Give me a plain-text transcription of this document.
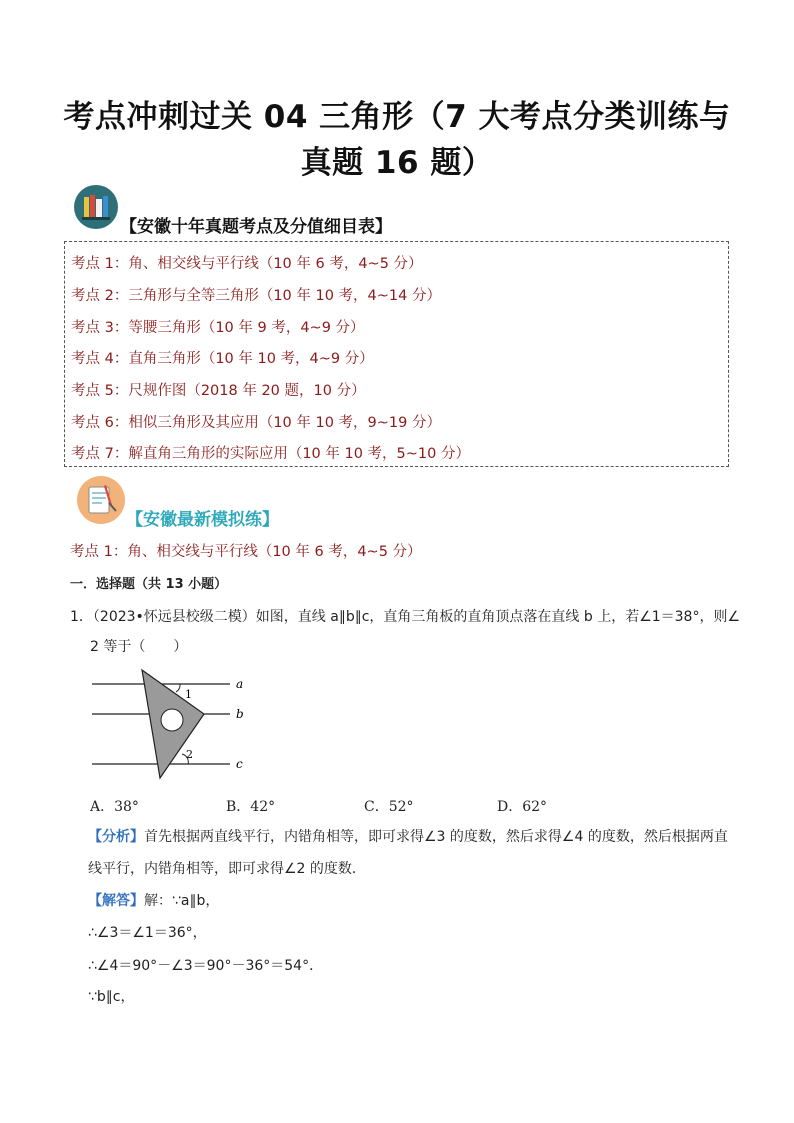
考点冲刺过关 04 三角形（7 大考点分类训练与
真题 16 题）
【安徽十年真题考点及分值细目表】
考点 1：角、相交线与平行线（10 年 6 考，4~5 分）
考点 2：三角形与全等三角形（10 年 10 考，4~14 分）
考点 3：等腰三角形（10 年 9 考，4~9 分）
考点 4：直角三角形（10 年 10 考，4~9 分）
考点 5：尺规作图（2018 年 20 题，10 分）
考点 6：相似三角形及其应用（10 年 10 考，9~19 分）
考点 7：解直角三角形的实际应用（10 年 10 考，5~10 分）
【安徽最新模拟练】
考点 1：角、相交线与平行线（10 年 6 考，4~5 分）
一．选择题（共 13 小题）
1．（2023•怀远县校级二模）如图，直线 a∥b∥c，直角三角板的直角顶点落在直线 b 上，若∠1＝38°，则∠
2 等于（　　）
a
b
c
1
2
A．38°	B．42°	C．52°	D．62°
【分析】首先根据两直线平行，内错角相等，即可求得∠3 的度数，然后求得∠4 的度数，然后根据两直
线平行，内错角相等，即可求得∠2 的度数．
【解答】解：∵a∥b，
∴∠3＝∠1＝36°，
∴∠4＝90°－∠3＝90°－36°＝54°．
∵b∥c，
